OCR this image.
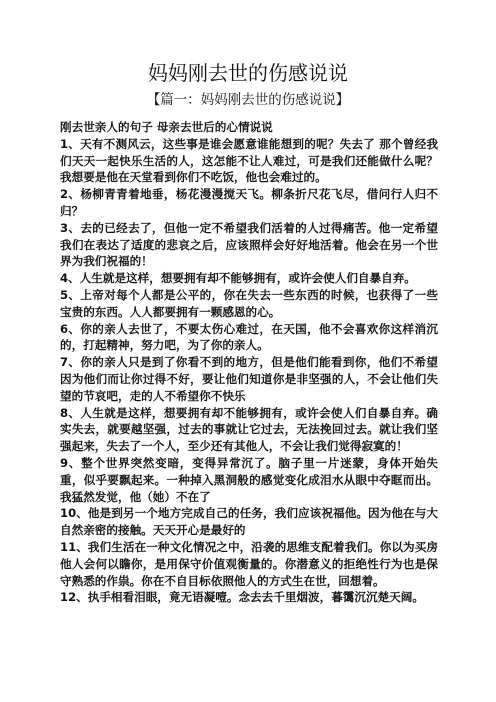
妈妈刚去世的伤感说说
【篇一：妈妈刚去世的伤感说说】

刚去世亲人的句子 母亲去世后的心情说说

1、天有不测风云，这些事是谁会愿意谁能想到的呢？失去了 那个曾经我们天天一起快乐生活的人，这怎能不让人难过，可是我们还能做什么呢？我想要是他在天堂看到你们不吃饭，他也会难过的。

2、杨柳青青着地垂，杨花漫漫搅天飞。柳条折尺花飞尽，借问行人归不归？

3、去的已经去了，但他一定不希望我们活着的人过得痛苦。他一定希望我们在表达了适度的悲哀之后，应该照样会好好地活着。他会在另一个世界为我们祝福的！

4、人生就是这样，想要拥有却不能够拥有，或许会使人们自暴自弃。

5、上帝对每个人都是公平的，你在失去一些东西的时候，也获得了一些宝贵的东西。人人都要拥有一颗感恩的心。

6、你的亲人去世了，不要太伤心难过，在天国，他不会喜欢你这样消沉的，打起精神，努力吧，为了你的亲人。

7、你的亲人只是到了你看不到的地方，但是他们能看到你，他们不希望因为他们而让你过得不好，要让他们知道你是非坚强的人，不会让他们失望的节哀吧，走的人不希望你不快乐

8、人生就是这样，想要拥有却不能够拥有，或许会使人们自暴自弃。确实失去，就要越坚强，过去的事就让它过去，无法挽回过去。就让我们坚强起来，失去了一个人，至少还有其他人，不会让我们觉得寂寞的！

9、整个世界突然变暗，变得异常沉了。脑子里一片迷蒙，身体开始失重，似乎要飘起来。一种掉入黑洞般的感觉变化成泪水从眼中夺眶而出。我猛然发觉，他（她）不在了

10、他是到另一个地方完成自己的任务，我们应该祝福他。因为他在与大自然亲密的接触。天天开心是最好的

11、我们生活在一种文化情况之中，沿袭的思维支配着我们。你以为买房他人会何以瞻你，是用保守价值观衡量的。你潜意义的拒绝性行为也是保守熟悉的作祟。你在不自目标依照他人的方式生在世，回想着。

12、执手相看泪眼，竟无语凝噎。念去去千里烟波，暮霭沉沉楚天阔。
